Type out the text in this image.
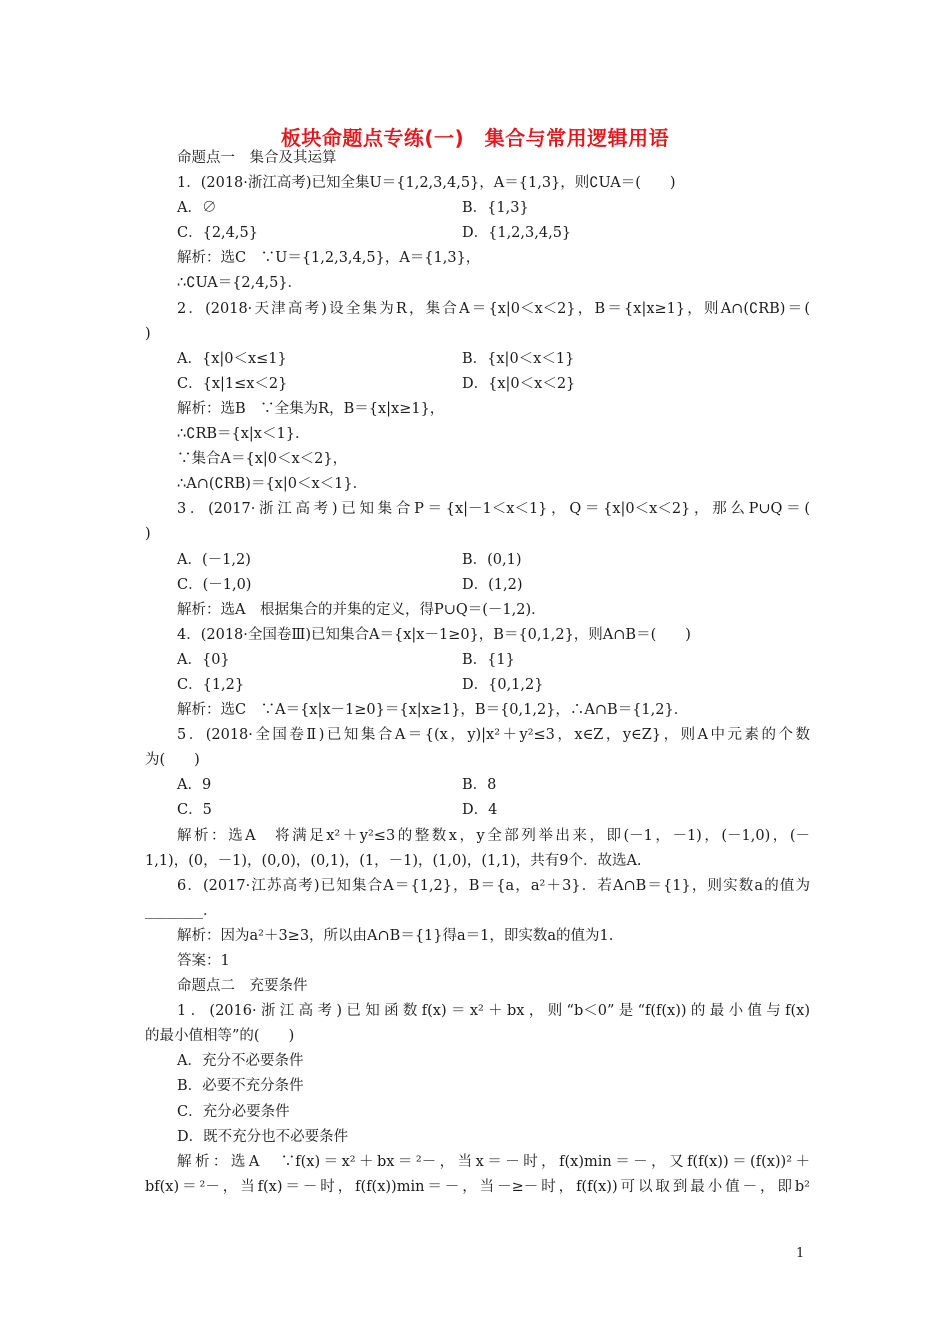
板块命题点专练(一)　集合与常用逻辑用语
命题点一　集合及其运算
1．(2018·浙江高考)已知全集U＝{1,2,3,4,5}，A＝{1,3}，则∁UA＝(　　)
A．∅	B．{1,3}
C．{2,4,5}	D．{1,2,3,4,5}
解析：选C　∵U＝{1,2,3,4,5}，A＝{1,3}，
∴∁UA＝{2,4,5}．
2．(2018·天津高考)设全集为R，集合A＝{x|0＜x＜2}，B＝{x|x≥1}，则A∩(∁RB)＝(
)
A．{x|0＜x≤1}	B．{x|0＜x＜1}
C．{x|1≤x＜2}	D．{x|0＜x＜2}
解析：选B　∵全集为R，B＝{x|x≥1}，
∴∁RB＝{x|x＜1}．
∵集合A＝{x|0＜x＜2}，
∴A∩(∁RB)＝{x|0＜x＜1}．
3．(2017·浙江高考)已知集合P＝{x|－1＜x＜1}，Q＝{x|0＜x＜2}，那么P∪Q＝(
)
A．(－1,2)	B．(0,1)
C．(－1,0)	D．(1,2)
解析：选A　根据集合的并集的定义，得P∪Q＝(－1,2)．
4．(2018·全国卷Ⅲ)已知集合A＝{x|x－1≥0}，B＝{0,1,2}，则A∩B＝(　　)
A．{0}	B．{1}
C．{1,2}	D．{0,1,2}
解析：选C　∵A＝{x|x－1≥0}＝{x|x≥1}，B＝{0,1,2}，∴A∩B＝{1,2}．
5．(2018·全国卷Ⅱ)已知集合A＝{(x，y)|x²＋y²≤3，x∈Z，y∈Z}，则A中元素的个数
为(　　)
A．9	B．8
C．5	D．4
解析：选A　将满足x²＋y²≤3的整数x，y全部列举出来，即(－1，－1)，(－1,0)，(－
1,1)，(0，－1)，(0,0)，(0,1)，(1，－1)，(1,0)，(1,1)，共有9个．故选A.
6．(2017·江苏高考)已知集合A＝{1,2}，B＝{a，a²＋3}．若A∩B＝{1}，则实数a的值为
________．
解析：因为a²＋3≥3，所以由A∩B＝{1}得a＝1，即实数a的值为1.
答案：1
命题点二　充要条件
1．(2016·浙江高考)已知函数f(x)＝x²＋bx，则“b＜0”是“f(f(x))的最小值与f(x)
的最小值相等”的(　　)
A．充分不必要条件
B．必要不充分条件
C．充分必要条件
D．既不充分也不必要条件
解析：选A　∵f(x)＝x²＋bx＝²－，当x＝－时，f(x)min＝－，又f(f(x))＝(f(x))²＋
bf(x)＝²－，当f(x)＝－时，f(f(x))min＝－，当－≥－时，f(f(x))可以取到最小值－，即b²
1
